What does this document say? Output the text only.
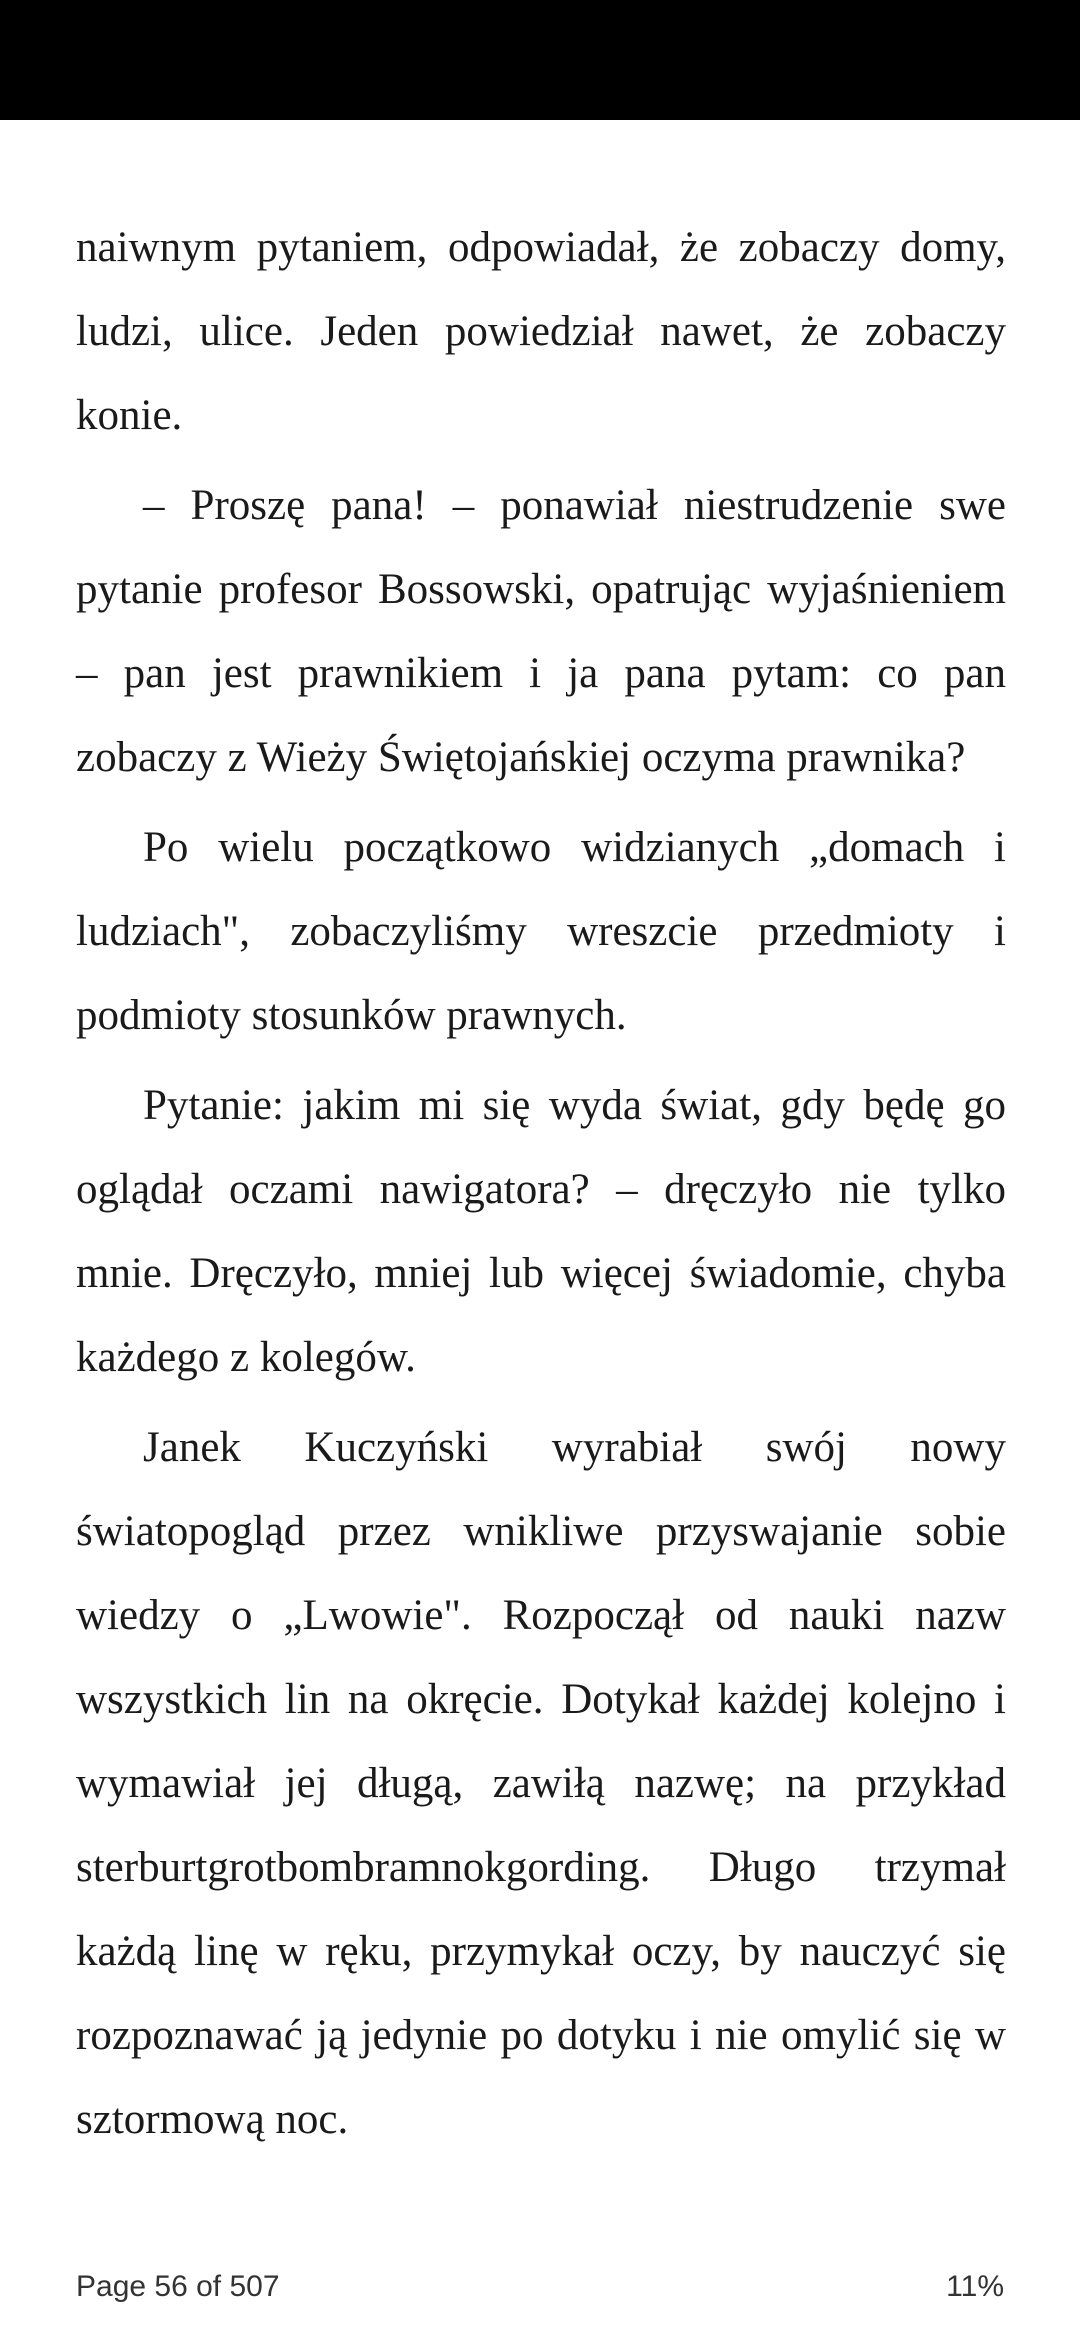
naiwnym pytaniem, odpowiadał, że zobaczy domy, ludzi, ulice. Jeden powiedział nawet, że zobaczy konie.

– Proszę pana! – ponawiał niestrudzenie swe pytanie profesor Bossowski, opatrując wyjaśnieniem – pan jest prawnikiem i ja pana pytam: co pan zobaczy z Wieży Świętojańskiej oczyma prawnika?

Po wielu początkowo widzianych „domach i ludziach", zobaczyliśmy wreszcie przedmioty i podmioty stosunków prawnych.

Pytanie: jakim mi się wyda świat, gdy będę go oglądał oczami nawigatora? – dręczyło nie tylko mnie. Dręczyło, mniej lub więcej świadomie, chyba każdego z kolegów.

Janek Kuczyński wyrabiał swój nowy światopogląd przez wnikliwe przyswajanie sobie wiedzy o „Lwowie". Rozpoczął od nauki nazw wszystkich lin na okręcie. Dotykał każdej kolejno i wymawiał jej długą, zawiłą nazwę; na przykład sterburtgrotbombramnokgording. Długo trzymał każdą linę w ręku, przymykał oczy, by nauczyć się rozpoznawać ją jedynie po dotyku i nie omylić się w sztormową noc.

Page 56 of 507	11%
